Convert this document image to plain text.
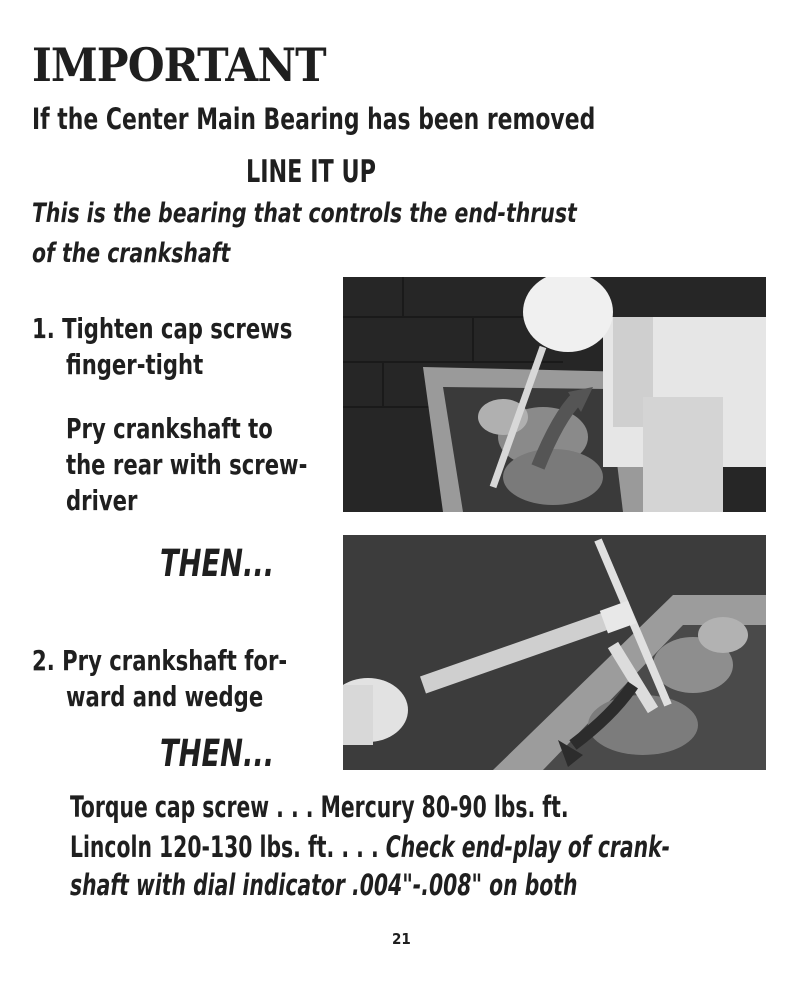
IMPORTANT
If the Center Main Bearing has been removed
LINE IT UP
This is the bearing that controls the end-thrust
of the crankshaft
1. Tighten cap screws
finger-tight
Pry crankshaft to
the rear with screw-
driver
THEN...
2. Pry crankshaft for-
ward and wedge
THEN...
Torque cap screw . . . Mercury 80-90 lbs. ft.
Lincoln 120-130 lbs. ft. . . . Check end-play of crank-
shaft with dial indicator .004"-.008" on both
21
